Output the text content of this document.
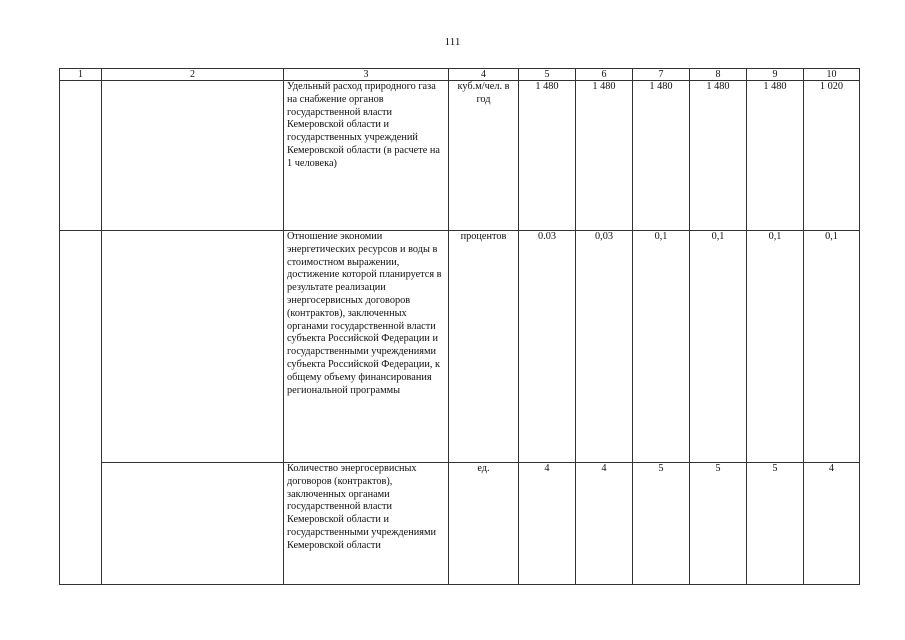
111
1	2	3	4	5	6	7	8	9	10
		Удельный расход природного газа на снабжение органов государственной власти Кемеровской области и государственных учреждений Кемеровской области (в расчете на 1 человека)	куб.м/чел. в год	1 480	1 480	1 480	1 480	1 480	1 020
		Отношение экономии энергетических ресурсов и воды в стоимостном выражении, достижение которой планируется в результате реализации энергосервисных договоров (контрактов), заключенных органами государственной власти субъекта Российской Федерации и государственными учреждениями субъекта Российской Федерации, к общему объему финансирования региональной программы	процентов	0.03	0,03	0,1	0,1	0,1	0,1
		Количество энергосервисных договоров (контрактов), заключенных органами государственной власти Кемеровской области и государственными учреждениями Кемеровской области	ед.	4	4	5	5	5	4
